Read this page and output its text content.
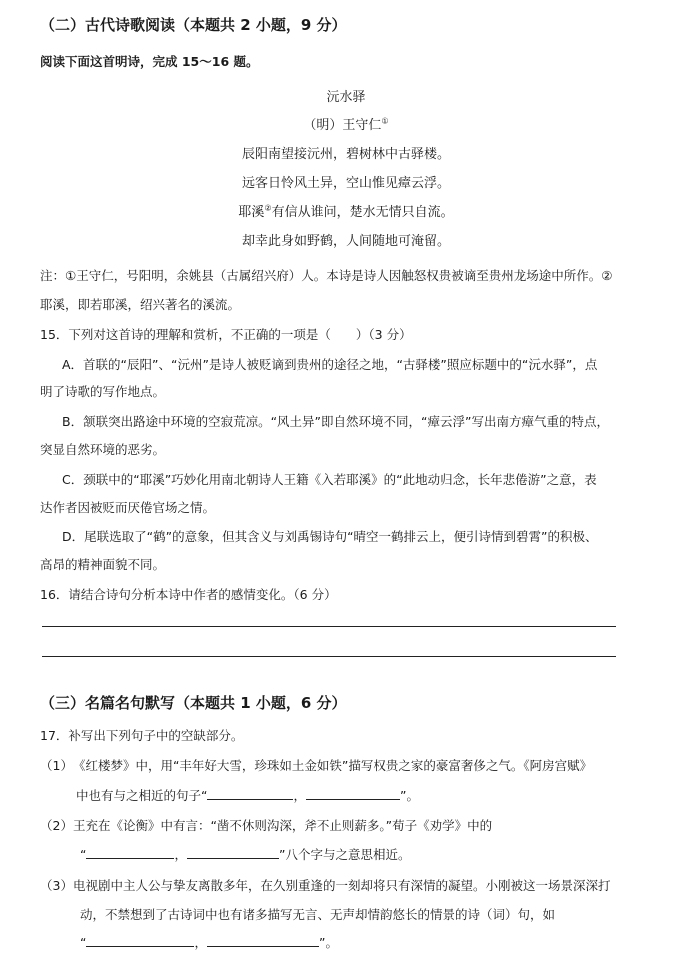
（二）古代诗歌阅读（本题共 2 小题，9 分）
阅读下面这首明诗，完成 15～16 题。
沅水驿
（明）王守仁①
辰阳南望接沅州，碧树林中古驿楼。
远客日怜风土异，空山惟见瘴云浮。
耶溪②有信从谁问，楚水无情只自流。
却幸此身如野鹤，人间随地可淹留。
注：①王守仁，号阳明，余姚县（古属绍兴府）人。本诗是诗人因触怒权贵被谪至贵州龙场途中所作。②
耶溪，即若耶溪，绍兴著名的溪流。
15．下列对这首诗的理解和赏析，不正确的一项是（　　）（3 分）
A．首联的“辰阳”、“沅州”是诗人被贬谪到贵州的途径之地，“古驿楼”照应标题中的“沅水驿”，点
明了诗歌的写作地点。
B．颔联突出路途中环境的空寂荒凉。“风土异”即自然环境不同，“瘴云浮”写出南方瘴气重的特点，
突显自然环境的恶劣。
C．颈联中的“耶溪”巧妙化用南北朝诗人王籍《入若耶溪》的“此地动归念，长年悲倦游”之意，表
达作者因被贬而厌倦官场之情。
D．尾联选取了“鹤”的意象，但其含义与刘禹锡诗句“晴空一鹤排云上，便引诗情到碧霄”的积极、
高昂的精神面貌不同。
16．请结合诗句分析本诗中作者的感情变化。（6 分）
（三）名篇名句默写（本题共 1 小题，6 分）
17．补写出下列句子中的空缺部分。
（1）　《红楼梦》中，用“丰年好大雪，珍珠如土金如铁”描写权贵之家的豪富奢侈之气。《阿房宫赋》
中也有与之相近的句子“	，	”。
（2）王充在《论衡》中有言：“凿不休则沟深，斧不止则薪多。”荀子《劝学》中的
“	，	”八个字与之意思相近。
（3）电视剧中主人公与挚友离散多年，在久别重逢的一刻却将只有深情的凝望。小刚被这一场景深深打
动，不禁想到了古诗词中也有诸多描写无言、无声却情韵悠长的情景的诗（词）句，如
“	，	”。
